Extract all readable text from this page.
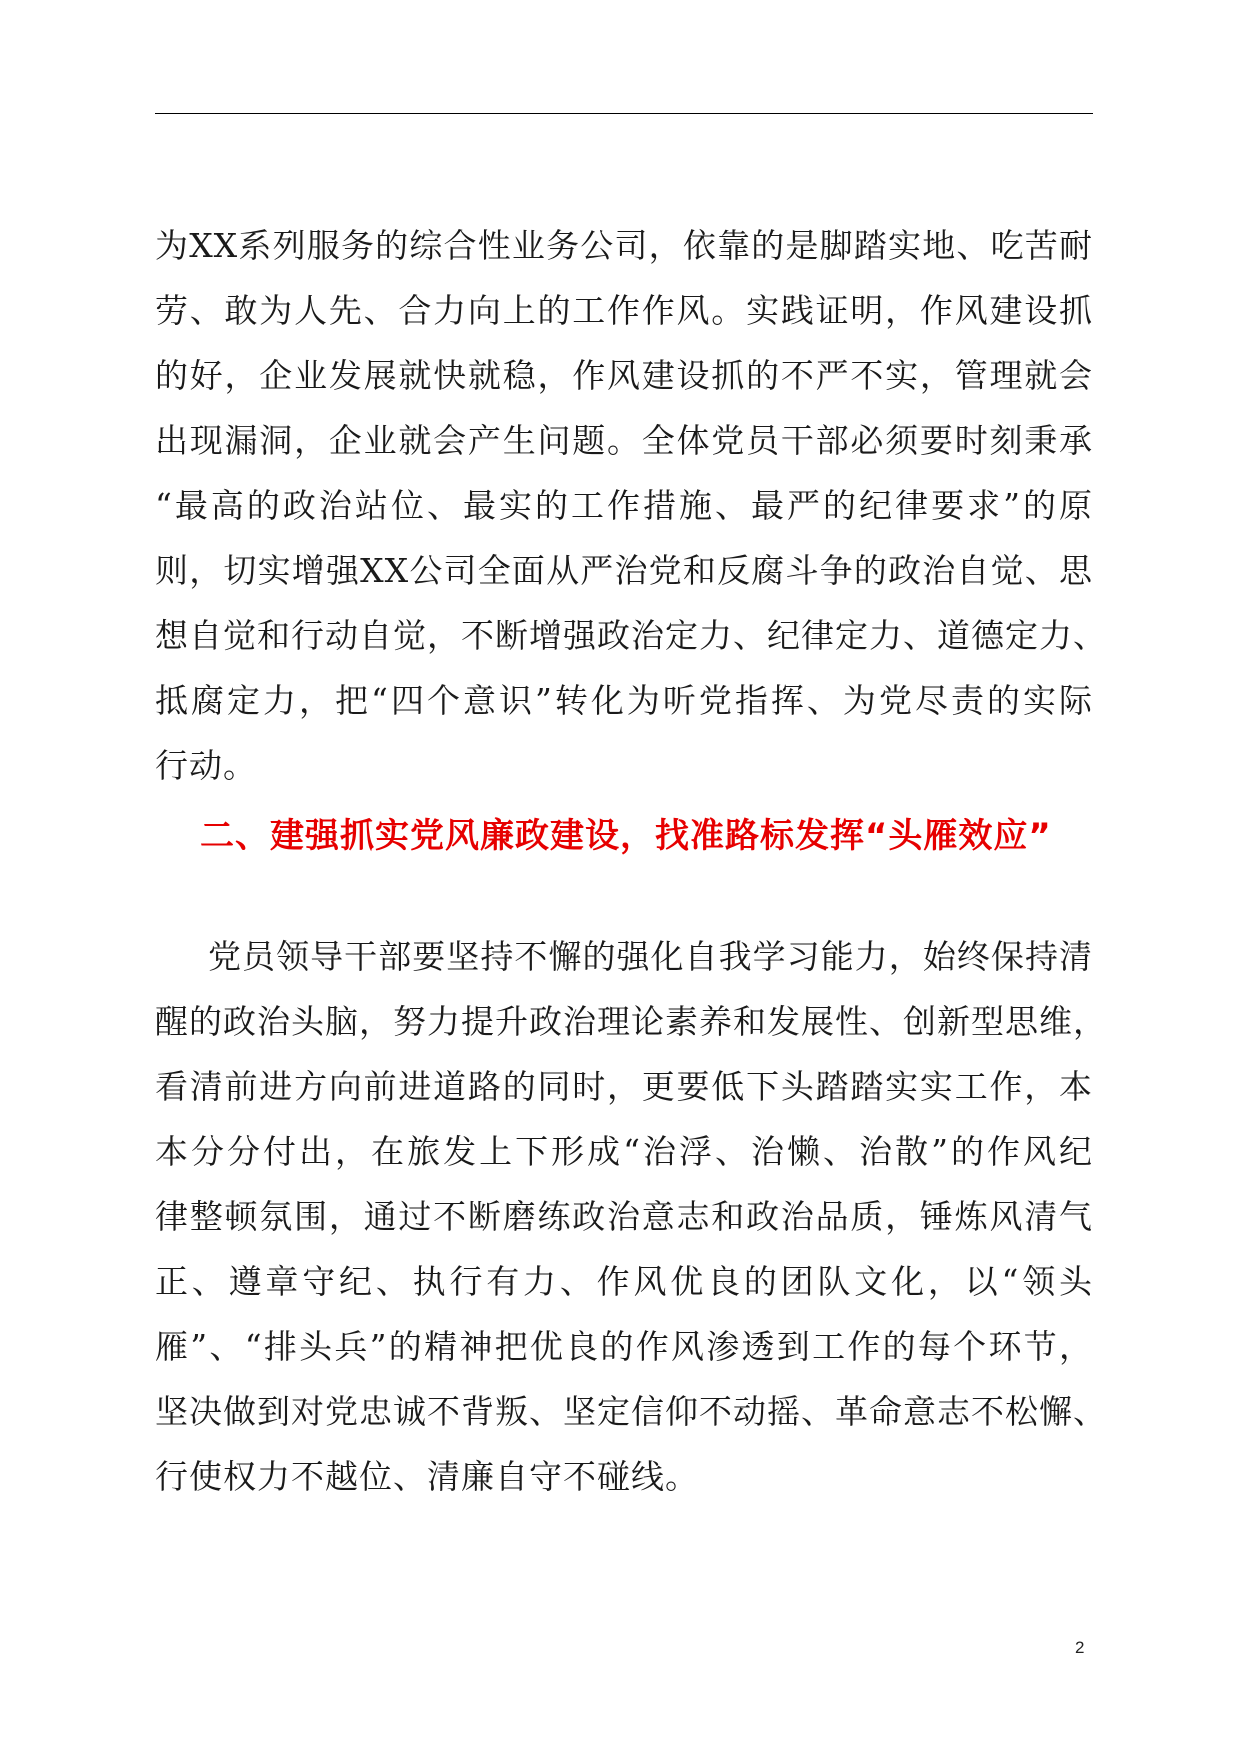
为XX系列服务的综合性业务公司，依靠的是脚踏实地、吃苦耐
劳、敢为人先、合力向上的工作作风。实践证明，作风建设抓
的好，企业发展就快就稳，作风建设抓的不严不实，管理就会
出现漏洞，企业就会产生问题。全体党员干部必须要时刻秉承
“最高的政治站位、最实的工作措施、最严的纪律要求”的原
则，切实增强XX公司全面从严治党和反腐斗争的政治自觉、思
想自觉和行动自觉，不断增强政治定力、纪律定力、道德定力、
抵腐定力，把“四个意识”转化为听党指挥、为党尽责的实际
行动。
二、建强抓实党风廉政建设，找准路标发挥“头雁效应”
党员领导干部要坚持不懈的强化自我学习能力，始终保持清
醒的政治头脑，努力提升政治理论素养和发展性、创新型思维，
看清前进方向前进道路的同时，更要低下头踏踏实实工作，本
本分分付出，在旅发上下形成“治浮、治懒、治散”的作风纪
律整顿氛围，通过不断磨练政治意志和政治品质，锤炼风清气
正、遵章守纪、执行有力、作风优良的团队文化，以“领头
雁”、“排头兵”的精神把优良的作风渗透到工作的每个环节，
坚决做到对党忠诚不背叛、坚定信仰不动摇、革命意志不松懈、
行使权力不越位、清廉自守不碰线。
2
